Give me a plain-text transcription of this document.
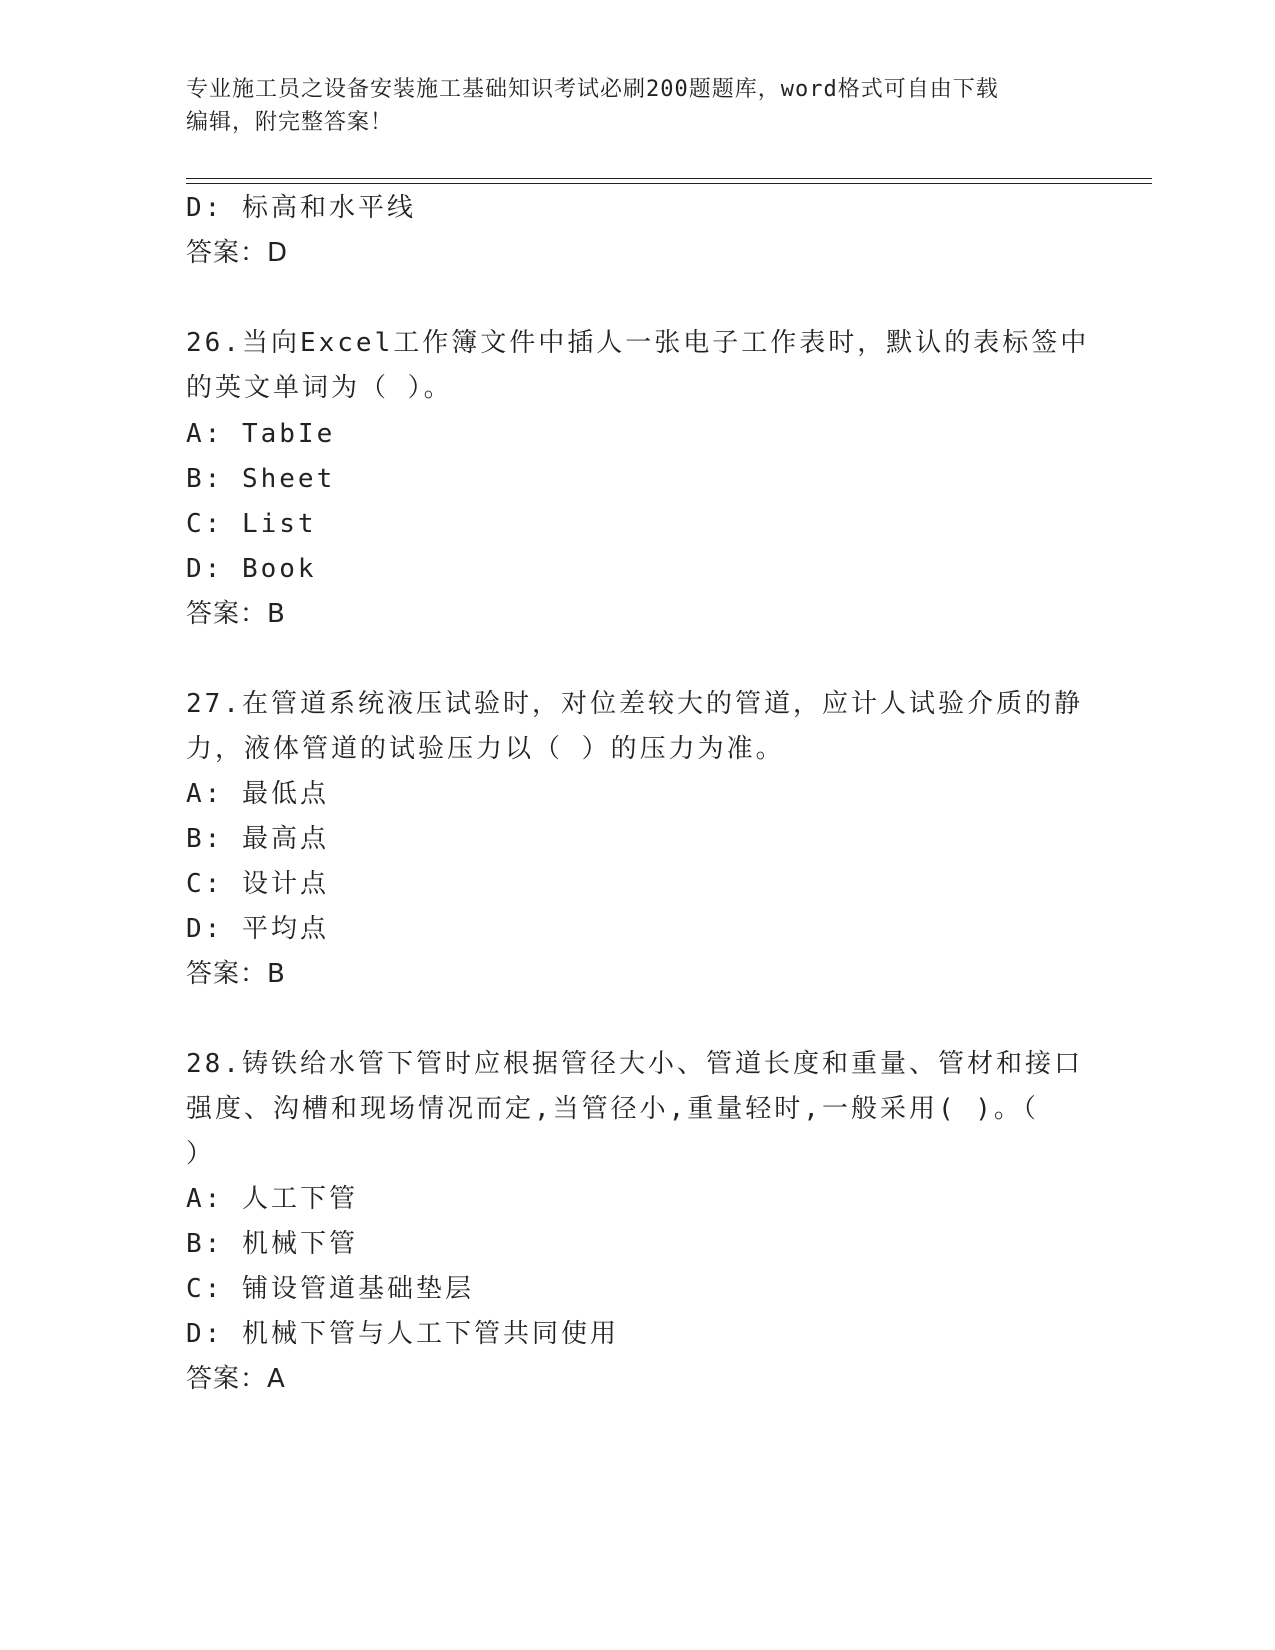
专业施工员之设备安装施工基础知识考试必刷200题题库，word格式可自由下载
编辑，附完整答案！
D: 标高和水平线
答案：D
26.当向Excel工作簿文件中插人一张电子工作表时，默认的表标签中
的英文单词为（ ）。
A: TabIe
B: Sheet
C: List
D: Book
答案：B
27.在管道系统液压试验时，对位差较大的管道，应计人试验介质的静
力，液体管道的试验压力以（ ）的压力为准。
A: 最低点
B: 最高点
C: 设计点
D: 平均点
答案：B
28.铸铁给水管下管时应根据管径大小、管道长度和重量、管材和接口
强度、沟槽和现场情况而定,当管径小,重量轻时,一般采用( )。（
）
A: 人工下管
B: 机械下管
C: 铺设管道基础垫层
D: 机械下管与人工下管共同使用
答案：A
